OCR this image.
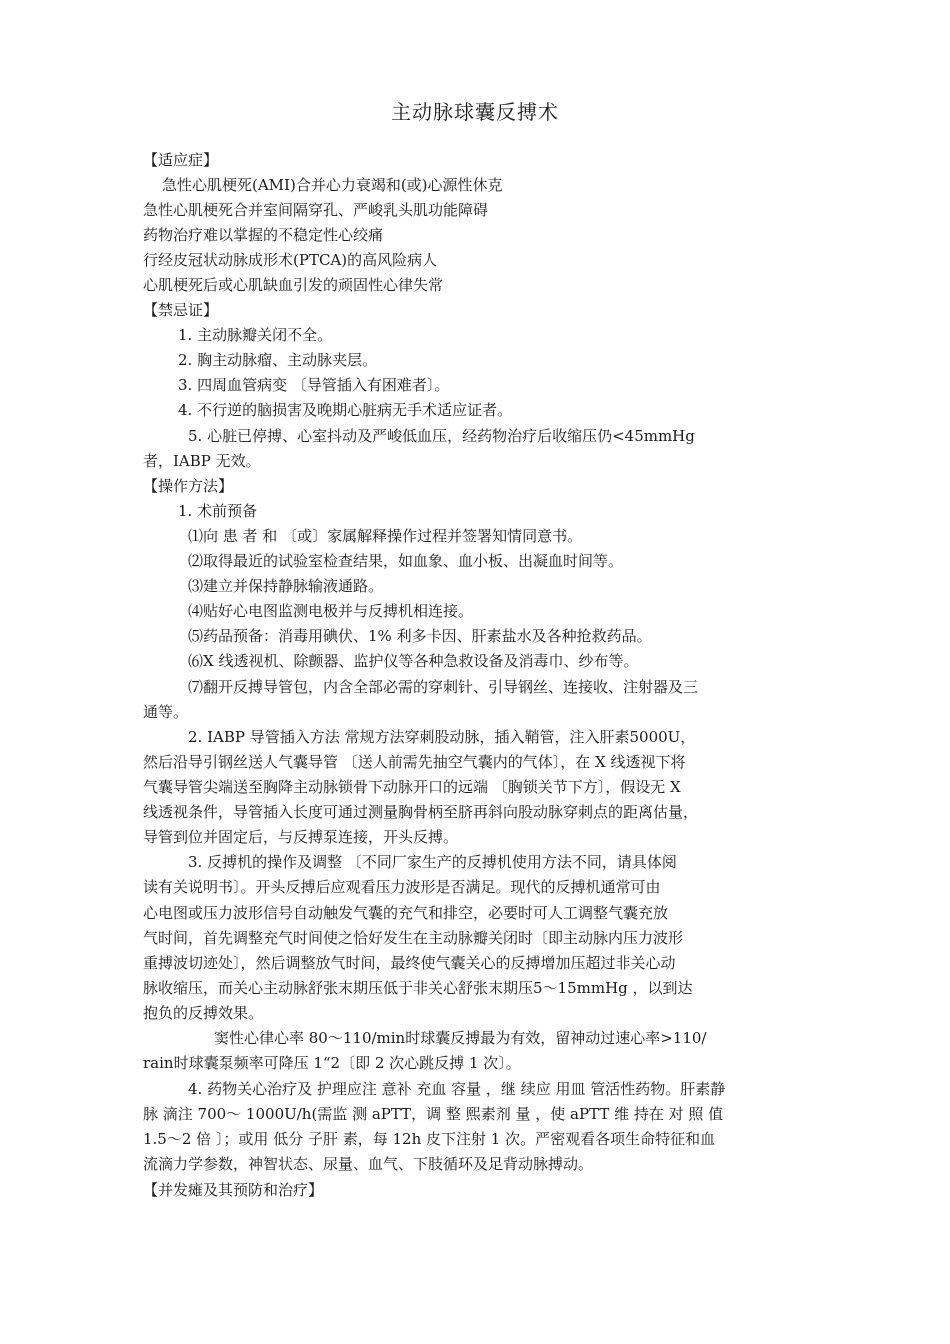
主动脉球囊反搏术
【适应症】
急性心肌梗死(AMI)合并心力衰竭和(或)心源性休克
急性心肌梗死合并室间隔穿孔、严峻乳头肌功能障碍
药物治疗难以掌握的不稳定性心绞痛
行经皮冠状动脉成形术(PTCA)的高风险病人
心肌梗死后或心肌缺血引发的顽固性心律失常
【禁忌证】
1. 主动脉瓣关闭不全。
2. 胸主动脉瘤、主动脉夹层。
3. 四周血管病变 〔导管插入有困难者〕。
4. 不行逆的脑损害及晚期心脏病无手术适应证者。
5. 心脏已停搏、心室抖动及严峻低血压，经药物治疗后收缩压仍<45mmHg
者，IABP 无效。
【操作方法】
1. 术前预备
⑴向 患 者 和 〔或〕家属解释操作过程并签署知情同意书。
⑵取得最近的试验室检查结果，如血象、血小板、出凝血时间等。
⑶建立并保持静脉输液通路。
⑷贴好心电图监测电极并与反搏机相连接。
⑸药品预备：消毒用碘伏、1% 利多卡因、肝素盐水及各种抢救药品。
⑹X 线透视机、除颤器、监护仪等各种急救设备及消毒巾、纱布等。
⑺翻开反搏导管包，内含全部必需的穿刺针、引导钢丝、连接收、注射器及三
通等。
2. IABP 导管插入方法 常规方法穿刺股动脉，插入鞘管，注入肝素5000U，
然后沿导引钢丝送人气囊导管 〔送人前需先抽空气囊内的气体〕，在 X 线透视下将
气囊导管尖端送至胸降主动脉锁骨下动脉开口的远端 〔胸锁关节下方〕，假设无 X
线透视条件，导管插入长度可通过测量胸骨柄至脐再斜向股动脉穿刺点的距离估量，
导管到位并固定后，与反搏泵连接，开头反搏。
3. 反搏机的操作及调整 〔不同厂家生产的反搏机使用方法不同，请具体阅
读有关说明书〕。开头反搏后应观看压力波形是否满足。现代的反搏机通常可由
心电图或压力波形信号自动触发气囊的充气和排空，必要时可人工调整气囊充放
气时间，首先调整充气时间使之恰好发生在主动脉瓣关闭时〔即主动脉内压力波形
重搏波切迹处〕，然后调整放气时间，最终使气囊关心的反搏增加压超过非关心动
脉收缩压，而关心主动脉舒张末期压低于非关心舒张末期压5～15mmHg ，以到达
抱负的反搏效果。
窦性心律心率 80～110/min时球囊反搏最为有效，留神动过速心率>110/
rain时球囊泵频率可降压 1“2〔即 2 次心跳反搏 1 次〕。
4. 药物关心治疗及 护理应注 意补 充血 容量 ，继 续应 用皿 管活性药物。肝素静
脉 滴注 700～ 1000U/h(需监 测 aPTT，调 整 熙素剂 量 ，使 aPTT 维 持在 对 照 值
1.5～2 倍 〕；或用 低分 子肝 素，每 12h 皮下注射 1 次。严密观看各项生命特征和血
流滴力学参数，神智状态、尿量、血气、下肢循环及足背动脉搏动。
【并发瘫及其预防和治疗】
